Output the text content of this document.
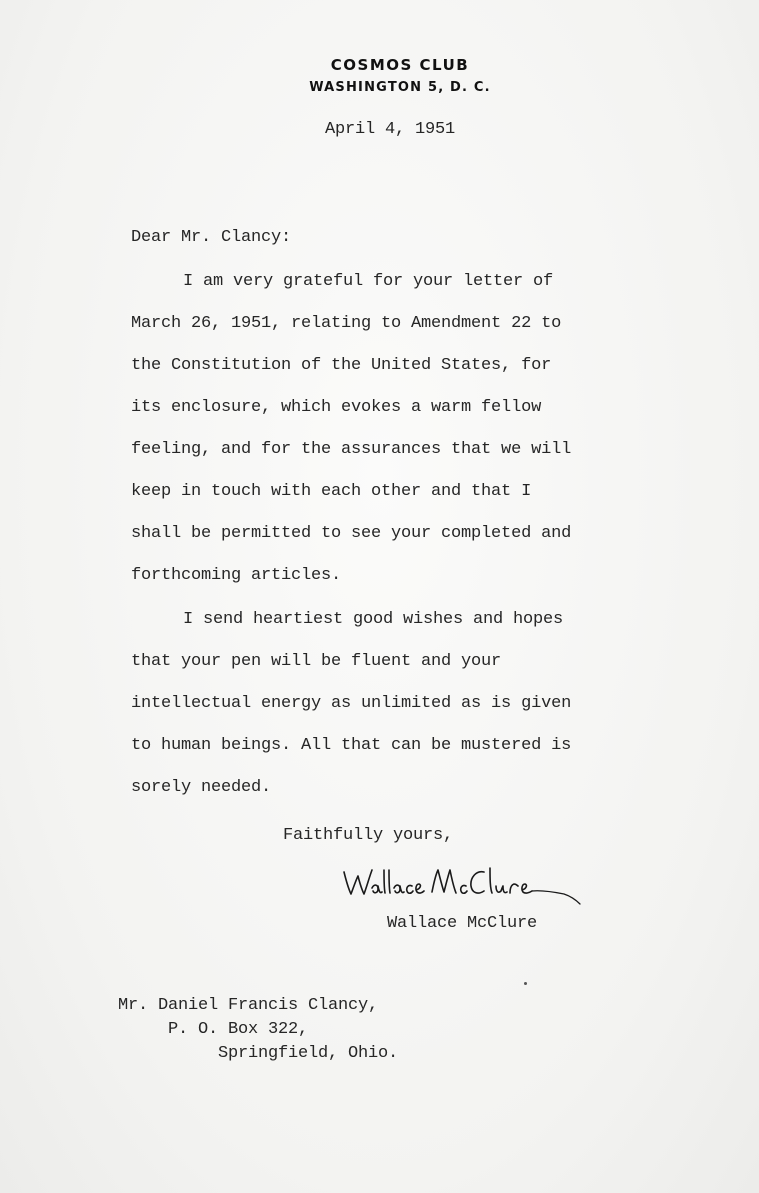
COSMOS CLUB
WASHINGTON 5, D. C.
April 4, 1951
Dear Mr. Clancy:
I am very grateful for your letter of
March 26, 1951, relating to Amendment 22 to
the Constitution of the United States, for
its enclosure, which evokes a warm fellow
feeling, and for the assurances that we will
keep in touch with each other and that I
shall be permitted to see your completed and
forthcoming articles.
I send heartiest good wishes and hopes
that your pen will be fluent and your
intellectual energy as unlimited as is given
to human beings. All that can be mustered is
sorely needed.
Faithfully yours,
Wallace McClure
Mr. Daniel Francis Clancy,
P. O. Box 322,
Springfield, Ohio.
